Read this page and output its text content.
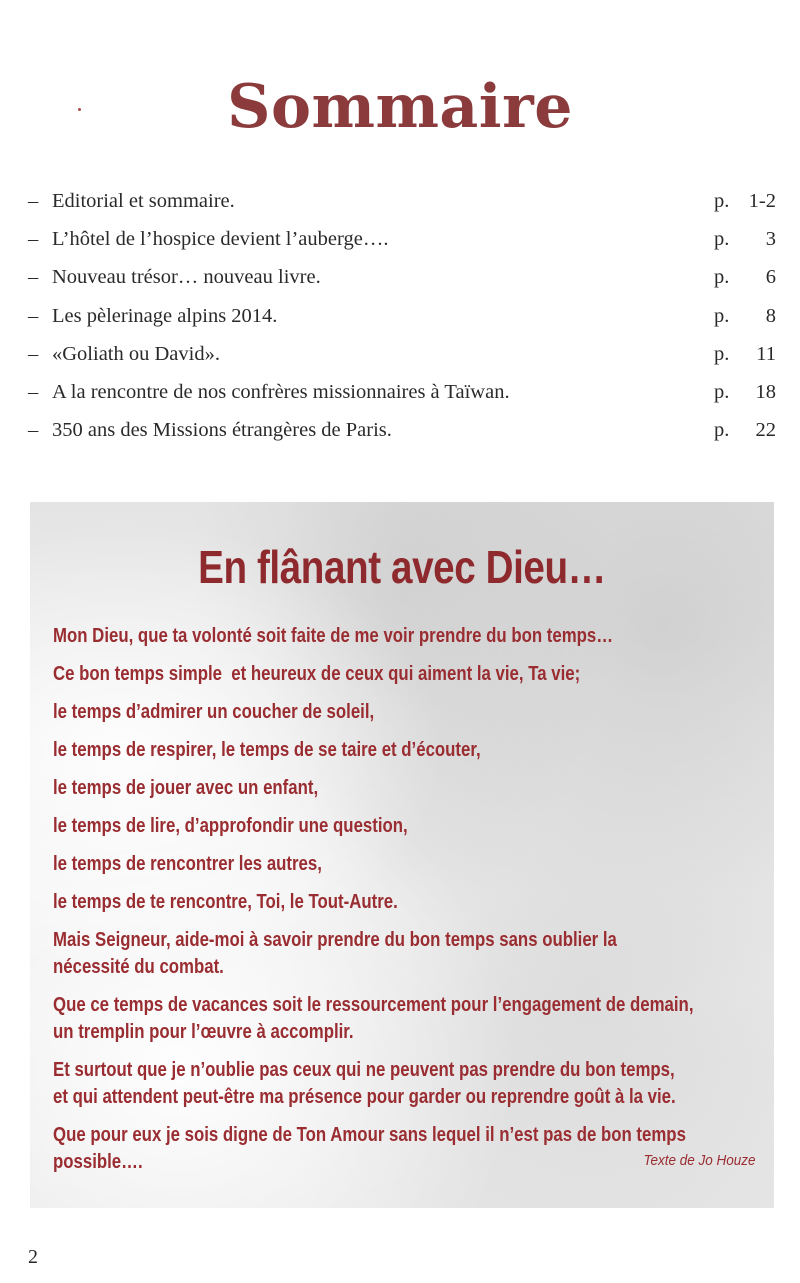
Sommaire
– Editorial et sommaire.	p. 1-2
– L’hôtel de l’hospice devient l’auberge….	p.	3
– Nouveau trésor… nouveau livre.	p.	6
– Les pèlerinage alpins 2014.	p.	8
– «Goliath ou David».	p.	11
– A la rencontre de nos confrères missionnaires à Taïwan.	p.	18
– 350 ans des Missions étrangères de Paris.	p.	22
En flânant avec Dieu…
Mon Dieu, que ta volonté soit faite de me voir prendre du bon temps…
Ce bon temps simple  et heureux de ceux qui aiment la vie, Ta vie;
le temps d’admirer un coucher de soleil,
le temps de respirer, le temps de se taire et d’écouter,
le temps de jouer avec un enfant,
le temps de lire, d’approfondir une question,
le temps de rencontrer les autres,
le temps de te rencontre, Toi, le Tout-Autre.
Mais Seigneur, aide-moi à savoir prendre du bon temps sans oublier la
nécessité du combat.
Que ce temps de vacances soit le ressourcement pour l’engagement de demain,
un tremplin pour l’œuvre à accomplir.
Et surtout que je n’oublie pas ceux qui ne peuvent pas prendre du bon temps,
et qui attendent peut-être ma présence pour garder ou reprendre goût à la vie.
Que pour eux je sois digne de Ton Amour sans lequel il n’est pas de bon temps
possible….	Texte de Jo Houze
2
